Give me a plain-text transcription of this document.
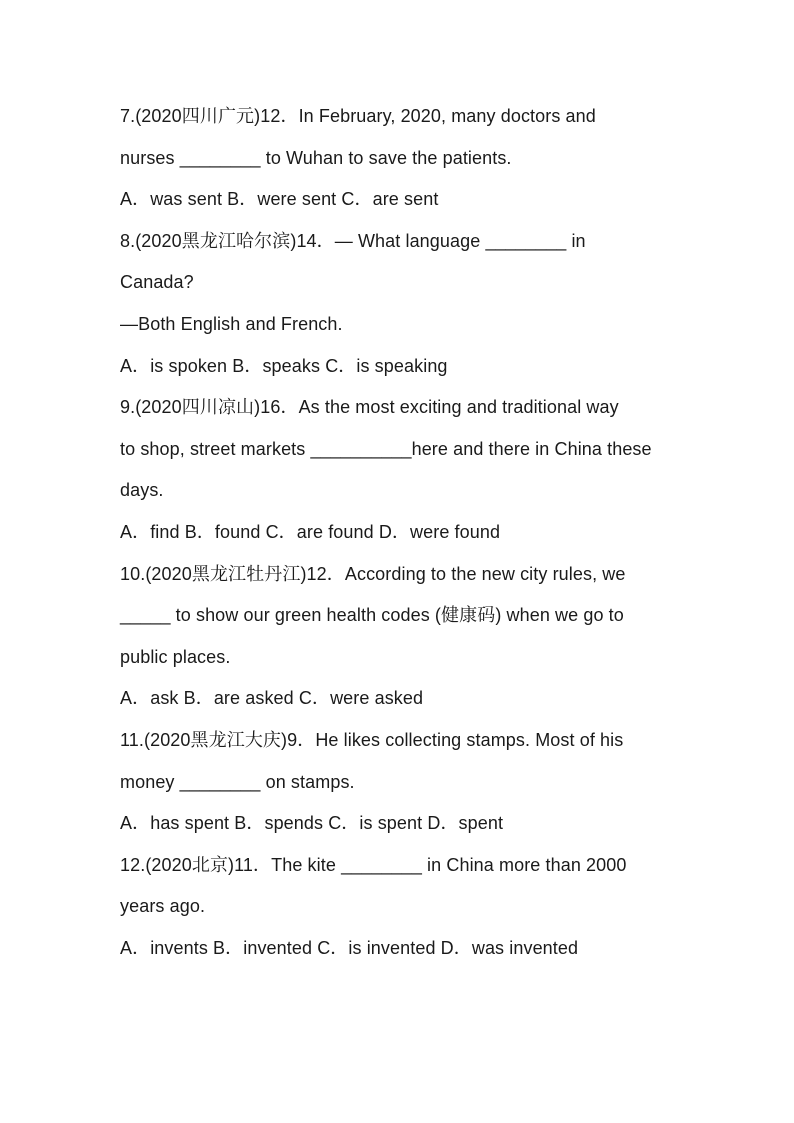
7.(2020四川广元)12．In February, 2020, many doctors and
nurses ________ to Wuhan to save the patients.
A．was sent B．were sent C．are sent
8.(2020黑龙江哈尔滨)14．— What language ________ in
Canada?
—Both English and French.
A．is spoken B．speaks C．is speaking
9.(2020四川凉山)16．As the most exciting and traditional way
to shop, street markets __________here and there in China these
days.
A．find B．found C．are found D．were found
10.(2020黑龙江牡丹江)12．According to the new city rules, we
_____ to show our green health codes (健康码) when we go to
public places.
A．ask B．are asked C．were asked
11.(2020黑龙江大庆)9．He likes collecting stamps. Most of his
money ________ on stamps.
A．has spent B．spends C．is spent D．spent
12.(2020北京)11．The kite ________ in China more than 2000
years ago.
A．invents B．invented C．is invented D．was invented
